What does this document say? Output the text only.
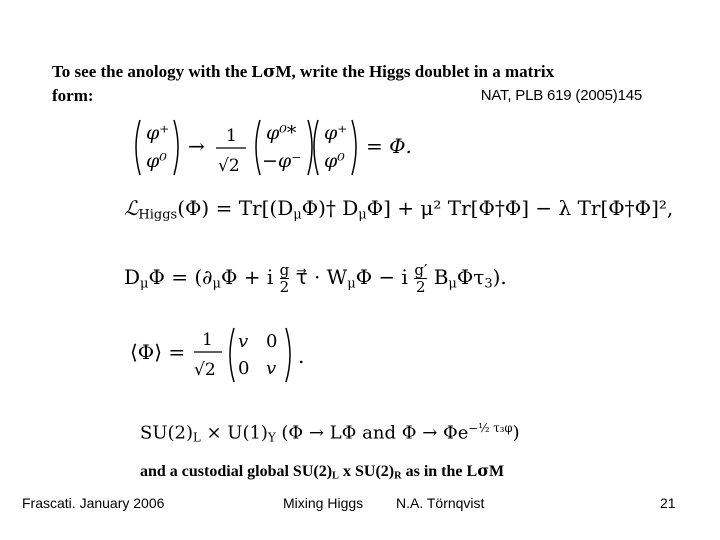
To see the anology with the LσM, write the Higgs doublet in a matrix
form:	NAT, PLB 619 (2005)145
φ⁺
φ⁰
→ 1
√2
φ⁰*
−φ⁻
φ⁺
φ⁰
= Φ.
ℒ$_{Higgs}$(Φ) = $Tr[(D_\mu\Phi)\dagger$ $D_\mu\Phi] + \mu^2$ Tr[Φ†Φ] − λ Tr[Φ†Φ]²,
$D_\mu\Phi = (\partial_\mu\Phi + i \frac{g}{2}$ τ⃗ · $W_\mu\Phi - i \frac{g'}{2} B_\mu\Phi\tau_3$).
⟨Φ⟩ = 1
√2
v 0
0 v
.
$SU(2)_L \times U(1)_Y$ (Φ → LΦ and $\Phi \to \Phi e^{-\frac{1}{2} \tau_3\varphi}$)
and a custodial global $SU(2)_L$ x $SU(2)_R$ as in the LσM
Frascati. January 2006	Mixing Higgs N.A. Törnqvist	21
